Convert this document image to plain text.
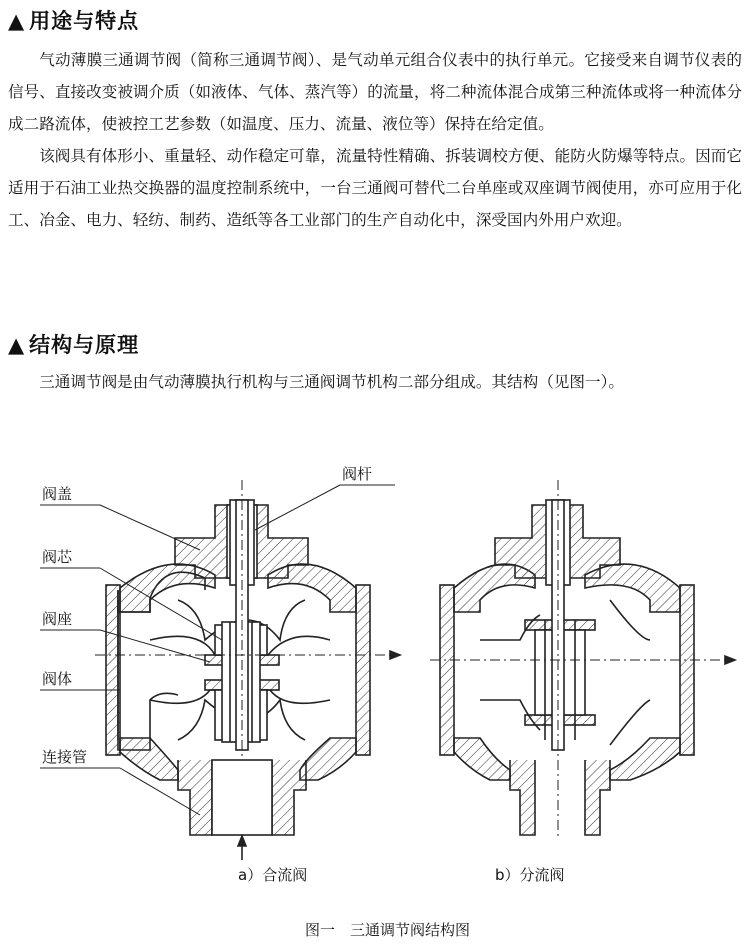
▲ 用途与特点

气动薄膜三通调节阀（简称三通调节阀）、是气动单元组合仪表中的执行单元。它接受来自调节仪表的信号、直接改变被调介质（如液体、气体、蒸汽等）的流量，将二种流体混合成第三种流体或将一种流体分成二路流体，使被控工艺参数（如温度、压力、流量、液位等）保持在给定值。

该阀具有体形小、重量轻、动作稳定可靠，流量特性精确、拆装调校方便、能防火防爆等特点。因而它适用于石油工业热交换器的温度控制系统中，一台三通阀可替代二台单座或双座调节阀使用，亦可应用于化工、冶金、电力、轻纺、制药、造纸等各工业部门的生产自动化中，深受国内外用户欢迎。

▲ 结构与原理

三通调节阀是由气动薄膜执行机构与三通阀调节机构二部分组成。其结构（见图一）。

阀盖
阀杆
阀芯
阀座
阀体
连接管
a）合流阀	b）分流阀
图一　三通调节阀结构图
